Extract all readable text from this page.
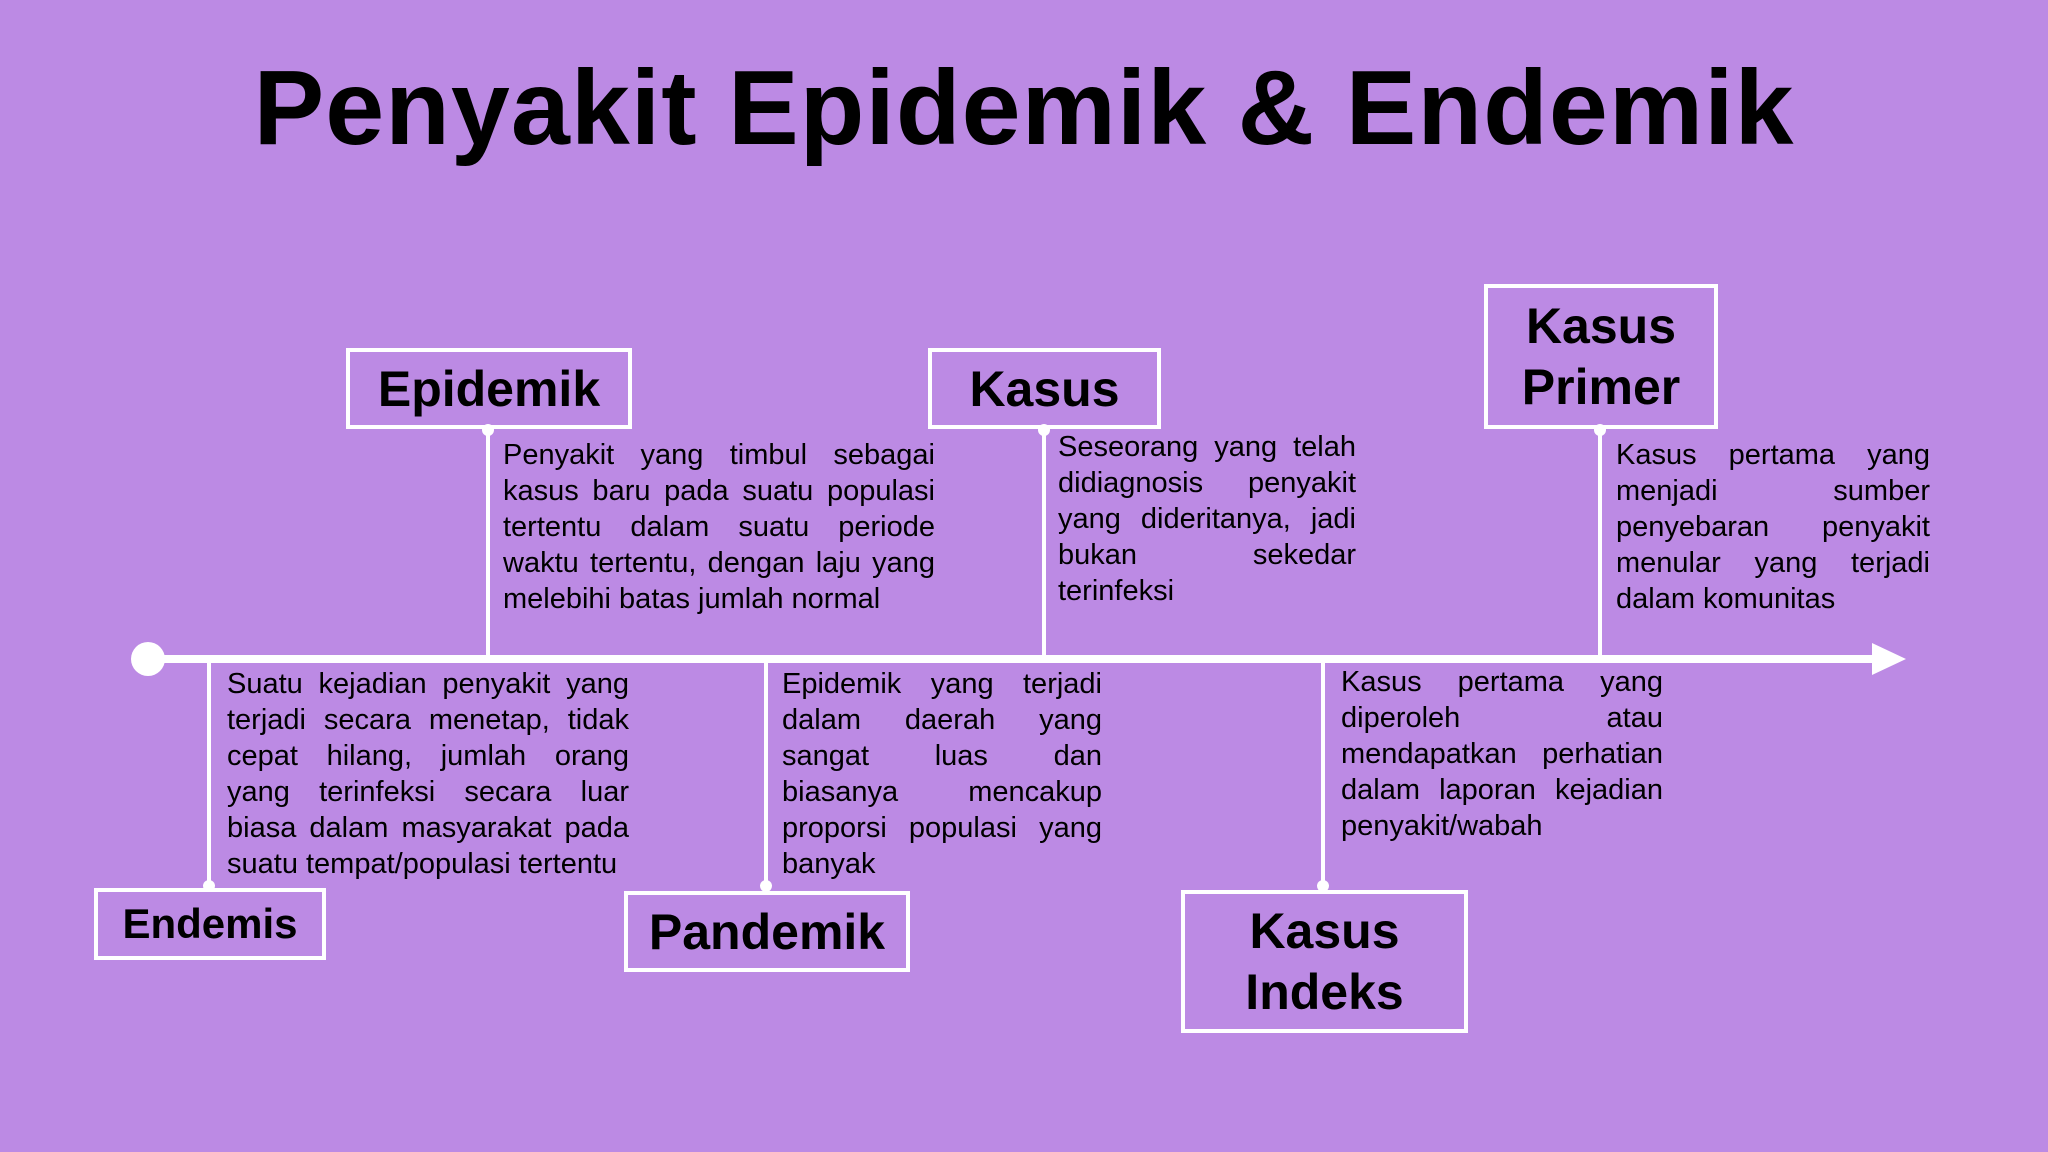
Penyakit Epidemik & Endemik
Epidemik
Penyakit yang timbul sebagai kasus baru pada suatu populasi tertentu dalam suatu periode waktu tertentu, dengan laju yang melebihi batas jumlah normal
Kasus
Seseorang yang telah didiagnosis penyakit yang dideritanya, jadi bukan sekedar terinfeksi
Kasus
Primer
Kasus pertama yang menjadi sumber penyebaran penyakit menular yang terjadi dalam komunitas
Endemis
Suatu kejadian penyakit yang terjadi secara menetap, tidak cepat hilang, jumlah orang yang terinfeksi secara luar biasa dalam masyarakat pada suatu tempat/populasi tertentu
Pandemik
Epidemik yang terjadi dalam daerah yang sangat luas dan biasanya mencakup proporsi populasi yang banyak
Kasus
Indeks
Kasus pertama yang diperoleh atau mendapatkan perhatian dalam laporan kejadian penyakit/wabah
